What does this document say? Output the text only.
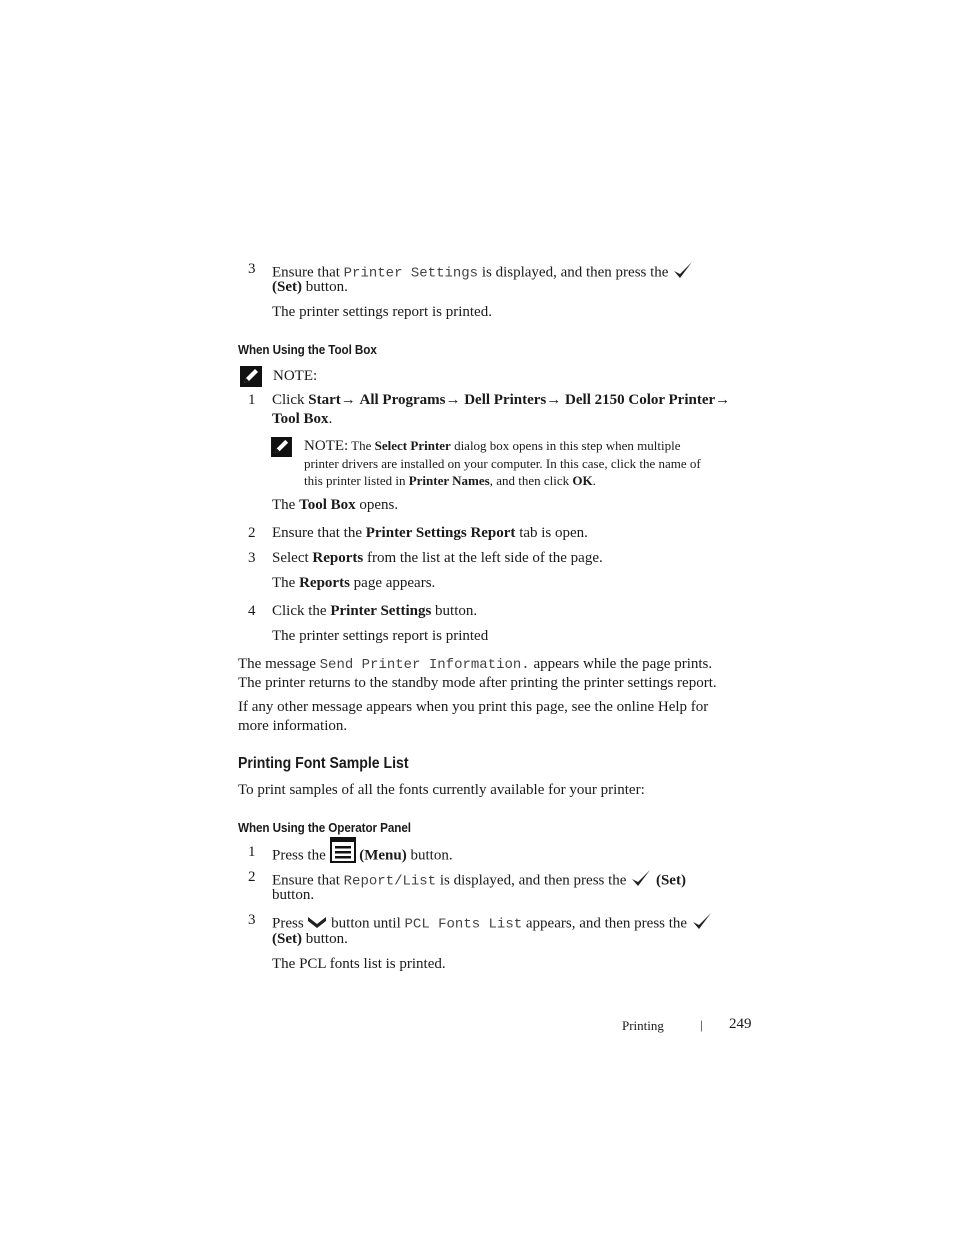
3 Ensure that Printer Settings is displayed, and then press the
(Set) button.
The printer settings report is printed.
When Using the Tool Box
NOTE:
1 Click Start→ All Programs→ Dell Printers→ Dell 2150 Color Printer→
Tool Box.
NOTE: The Select Printer dialog box opens in this step when multiple
printer drivers are installed on your computer. In this case, click the name of
this printer listed in Printer Names, and then click OK.
The Tool Box opens.
2 Ensure that the Printer Settings Report tab is open.
3 Select Reports from the list at the left side of the page.
The Reports page appears.
4 Click the Printer Settings button.
The printer settings report is printed
The message Send Printer Information. appears while the page prints.
The printer returns to the standby mode after printing the printer settings report.
If any other message appears when you print this page, see the online Help for
more information.
Printing Font Sample List
To print samples of all the fonts currently available for your printer:
When Using the Operator Panel
1 Press the  (Menu) button.
2 Ensure that Report/List is displayed, and then press the  (Set)
button.
3 Press  button until PCL Fonts List appears, and then press the
(Set) button.
The PCL fonts list is printed.
Printing	| 249
